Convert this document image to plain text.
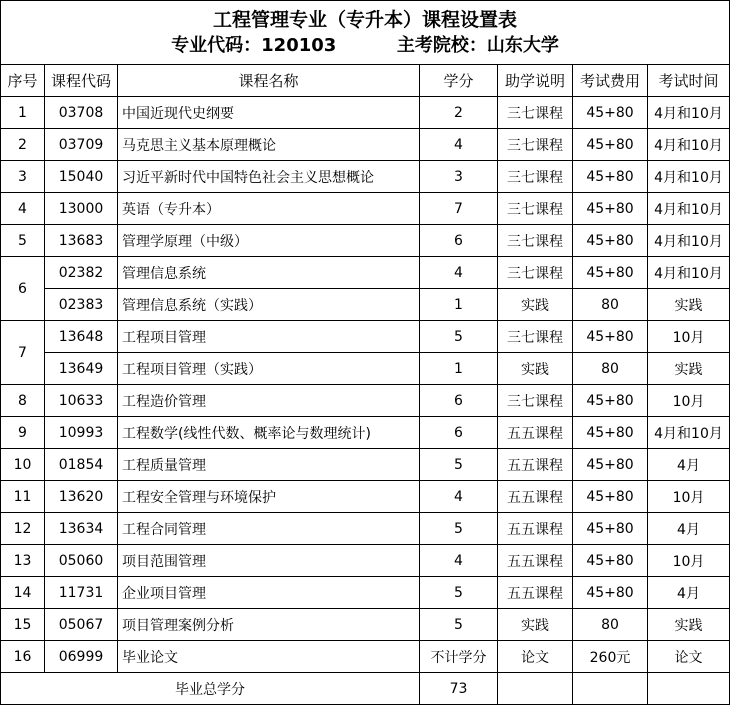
工程管理专业（专升本）课程设置表
专业代码：120103 主考院校：山东大学						

序号	课程代码	课程名称	学分	助学说明	考试费用	考试时间
1	03708	中国近现代史纲要	2	三七课程	45+80	4月和10月
2	03709	马克思主义基本原理概论	4	三七课程	45+80	4月和10月
3	15040	习近平新时代中国特色社会主义思想概论	3	三七课程	45+80	4月和10月
4	13000	英语（专升本）	7	三七课程	45+80	4月和10月
5	13683	管理学原理（中级）	6	三七课程	45+80	4月和10月
6	02382	管理信息系统	4	三七课程	45+80	4月和10月
	02383	管理信息系统（实践）	1	实践	80	实践
7	13648	工程项目管理	5	三七课程	45+80	10月
	13649	工程项目管理（实践）	1	实践	80	实践
8	10633	工程造价管理	6	三七课程	45+80	10月
9	10993	工程数学(线性代数、概率论与数理统计)	6	五五课程	45+80	4月和10月
10	01854	工程质量管理	5	五五课程	45+80	4月
11	13620	工程安全管理与环境保护	4	五五课程	45+80	10月
12	13634	工程合同管理	5	五五课程	45+80	4月
13	05060	项目范围管理	4	五五课程	45+80	10月
14	11731	企业项目管理	5	五五课程	45+80	4月
15	05067	项目管理案例分析	5	实践	80	实践
16	06999	毕业论文	不计学分	论文	260元	论文
毕业总学分			73			
